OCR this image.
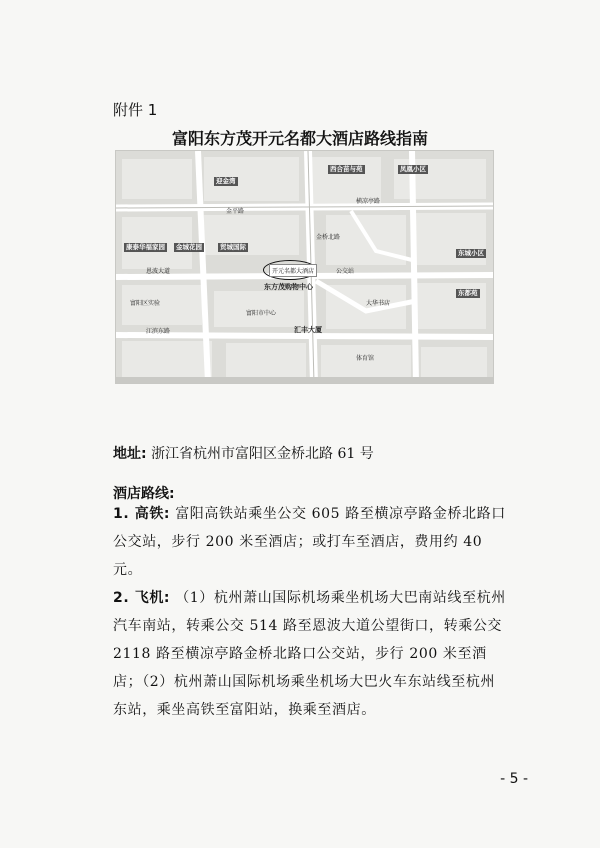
附件 1
富阳东方茂开元名都大酒店路线指南
迎金湾
西合苗与苑	凤凰小区
康泰华福家园	金城花园	贸城国际
东方茂购物中心
汇丰大厦
东城小区
东都苑
金桥北路
横凉亭路
恩波大道
江滨东路
金平路
富阳市中心
公交站
大华书店
富阳区实验
体育馆
开元名都大酒店
地址: 浙江省杭州市富阳区金桥北路 61 号
酒店路线:
1. 高铁: 富阳高铁站乘坐公交 605 路至横凉亭路金桥北路口公交站，步行 200 米至酒店；或打车至酒店，费用约 40 元。
2. 飞机: （1）杭州萧山国际机场乘坐机场大巴南站线至杭州汽车南站，转乘公交 514 路至恩波大道公望街口，转乘公交 2118 路至横凉亭路金桥北路口公交站，步行 200 米至酒店；（2）杭州萧山国际机场乘坐机场大巴火车东站线至杭州东站，乘坐高铁至富阳站，换乘至酒店。
- 5 -
